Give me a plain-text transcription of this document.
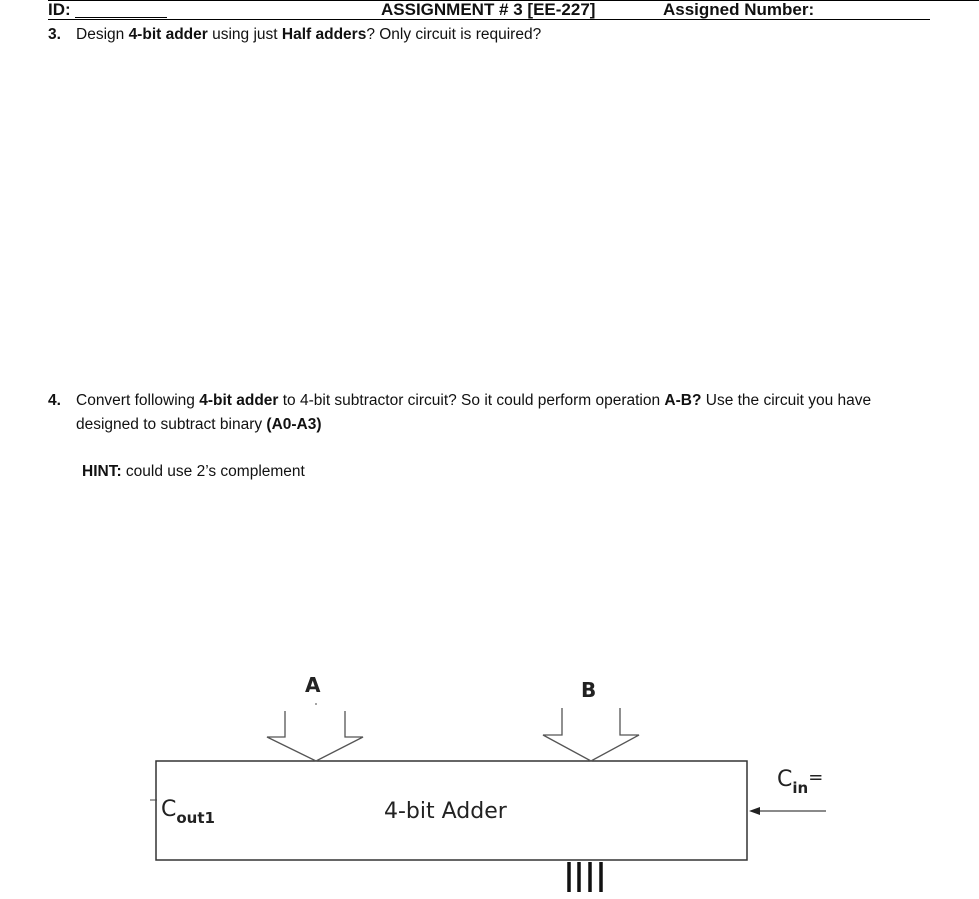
ID:	ASSIGNMENT # 3 [EE-227]	Assigned Number:
3. Design 4-bit adder using just Half adders? Only circuit is required?
4. Convert following 4-bit adder to 4-bit subtractor circuit? So it could perform operation A-B? Use the circuit you have
designed to subtract binary (A0-A3)
HINT: could use 2’s complement
A	B
4-bit Adder
$C_{out1}$
$C_{in}^=$
